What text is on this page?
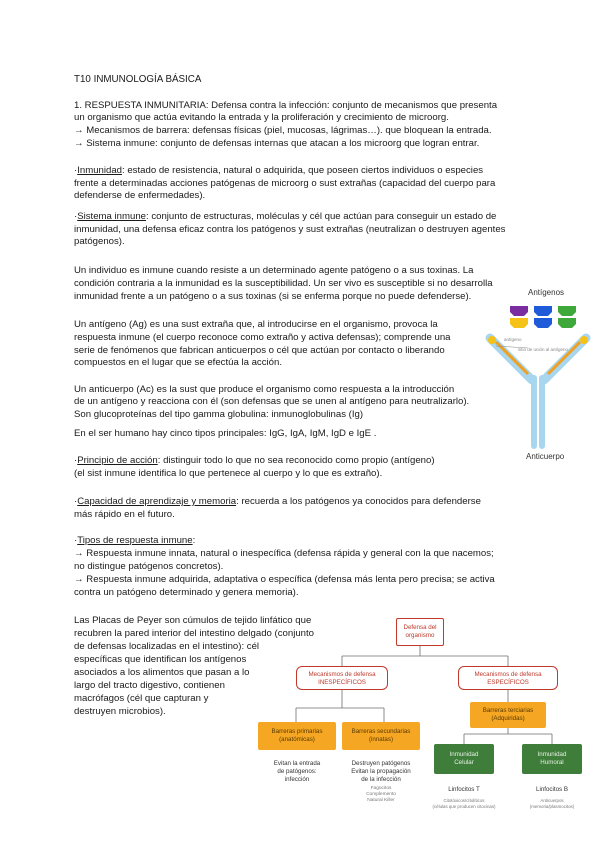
T10 INMUNOLOGÍA BÁSICA

1. RESPUESTA INMUNITARIA: Defensa contra la infección: conjunto de mecanismos que presenta

un organismo que actúa evitando la entrada y la proliferación y crecimiento de microorg.

→ Mecanismos de barrera: defensas físicas (piel, mucosas, lágrimas…). que bloquean la entrada.

→ Sistema inmune: conjunto de defensas internas que atacan a los microorg que logran entrar.

·Inmunidad: estado de resistencia, natural o adquirida, que poseen ciertos individuos o especies

frente a determinadas acciones patógenas de microorg o sust extrañas (capacidad del cuerpo para

defenderse de enfermedades).

·Sistema inmune: conjunto de estructuras, moléculas y cél que actúan para conseguir un estado de

inmunidad, una defensa eficaz contra los patógenos y sust extrañas (neutralizan o destruyen agentes

patógenos).

Un individuo es inmune cuando resiste a un determinado agente patógeno o a sus toxinas. La

condición contraria a la inmunidad es la susceptibilidad. Un ser vivo es susceptible si no desarrolla

inmunidad frente a un patógeno o a sus toxinas (si se enferma porque no puede defenderse).

Un antígeno (Ag) es una sust extraña que, al introducirse en el organismo, provoca la

respuesta inmune (el cuerpo reconoce como extraño y activa defensas); comprende una

serie de fenómenos que fabrican anticuerpos o cél que actúan por contacto o liberando

compuestos en el lugar que se efectúa la acción.

Un anticuerpo (Ac) es la sust que produce el organismo como respuesta a la introducción

de un antígeno y reacciona con él (son defensas que se unen al antígeno para neutralizarlo).

Son glucoproteínas del tipo gamma globulina: inmunoglobulinas (Ig)

En el ser humano hay cinco tipos principales: IgG, IgA, IgM, IgD e IgE .

·Principio de acción: distinguir todo lo que no sea reconocido como propio (antígeno)

(el sist inmune identifica lo que pertenece al cuerpo y lo que es extraño).

·Capacidad de aprendizaje y memoria: recuerda a los patógenos ya conocidos para defenderse

más rápido en el futuro.

·Tipos de respuesta inmune:

→ Respuesta inmune innata, natural o inespecífica (defensa rápida y general con la que nacemos;

no distingue patógenos concretos).

→ Respuesta inmune adquirida, adaptativa o específica (defensa más lenta pero precisa; se activa

contra un patógeno determinado y genera memoria).

Las Placas de Peyer son cúmulos de tejido linfático que

recubren la pared interior del intestino delgado (conjunto

de defensas localizadas en el intestino): cél

específicas que identifican los antígenos

asociados a los alimentos que pasan a lo

largo del tracto digestivo, contienen

macrófagos (cél que capturan y

destruyen microbios).

Antígenos
antígeno
sitio de unión al antígeno
Anticuerpo
Defensa del
organismo
Mecanismos de defensa
INESPECÍFICOS
Mecanismos de defensa
ESPECÍFICOS
Barreras primarias
(anatómicas)
Barreras secundarias
(innatas)
Barreras terciarias
(Adquiridas)
Inmunidad
Celular
Inmunidad
Humoral
Evitan la entrada
de patógenos:
infección
Destruyen patógenos
Evitan la propagación
de la infección
Fagocitos
Complemento
Natural Killer
Linfocitos T
Citotóxicos/cítolíticos
(células que producen citocinas)
Linfocitos B
Anticuerpos
(memoria/plasmocitos)
